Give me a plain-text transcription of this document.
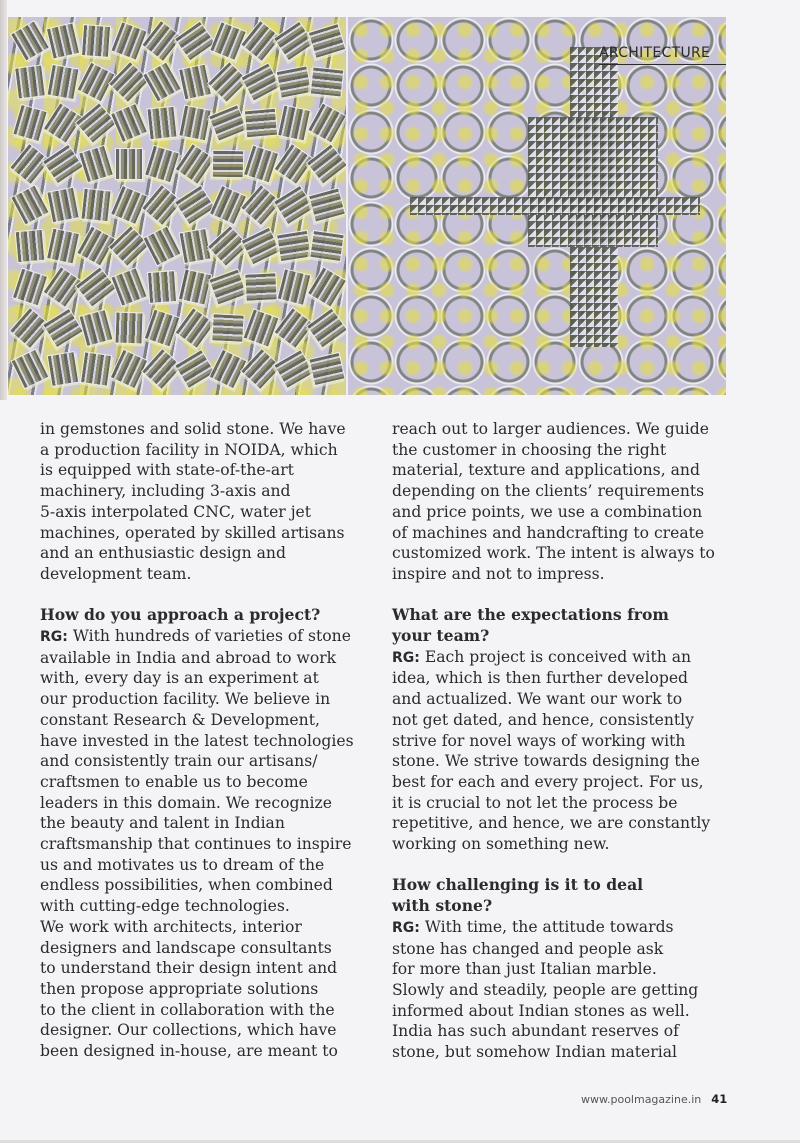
ARCHITECTURE

in gemstones and solid stone. We have
a production facility in NOIDA, which
is equipped with state-of-the-art
machinery, including 3-axis and
5-axis interpolated CNC, water jet
machines, operated by skilled artisans
and an enthusiastic design and
development team.

How do you approach a project?

RG: With hundreds of varieties of stone
available in India and abroad to work
with, every day is an experiment at
our production facility. We believe in
constant Research & Development,
have invested in the latest technologies
and consistently train our artisans/
craftsmen to enable us to become
leaders in this domain. We recognize
the beauty and talent in Indian
craftsmanship that continues to inspire
us and motivates us to dream of the
endless possibilities, when combined
with cutting-edge technologies.
We work with architects, interior
designers and landscape consultants
to understand their design intent and
then propose appropriate solutions
to the client in collaboration with the
designer. Our collections, which have
been designed in-house, are meant to

reach out to larger audiences. We guide
the customer in choosing the right
material, texture and applications, and
depending on the clients’ requirements
and price points, we use a combination
of machines and handcrafting to create
customized work. The intent is always to
inspire and not to impress.

What are the expectations from
your team?

RG: Each project is conceived with an
idea, which is then further developed
and actualized. We want our work to
not get dated, and hence, consistently
strive for novel ways of working with
stone. We strive towards designing the
best for each and every project. For us,
it is crucial to not let the process be
repetitive, and hence, we are constantly
working on something new.

How challenging is it to deal
with stone?

RG: With time, the attitude towards
stone has changed and people ask
for more than just Italian marble.
Slowly and steadily, people are getting
informed about Indian stones as well.
India has such abundant reserves of
stone, but somehow Indian material

www.poolmagazine.in 41
